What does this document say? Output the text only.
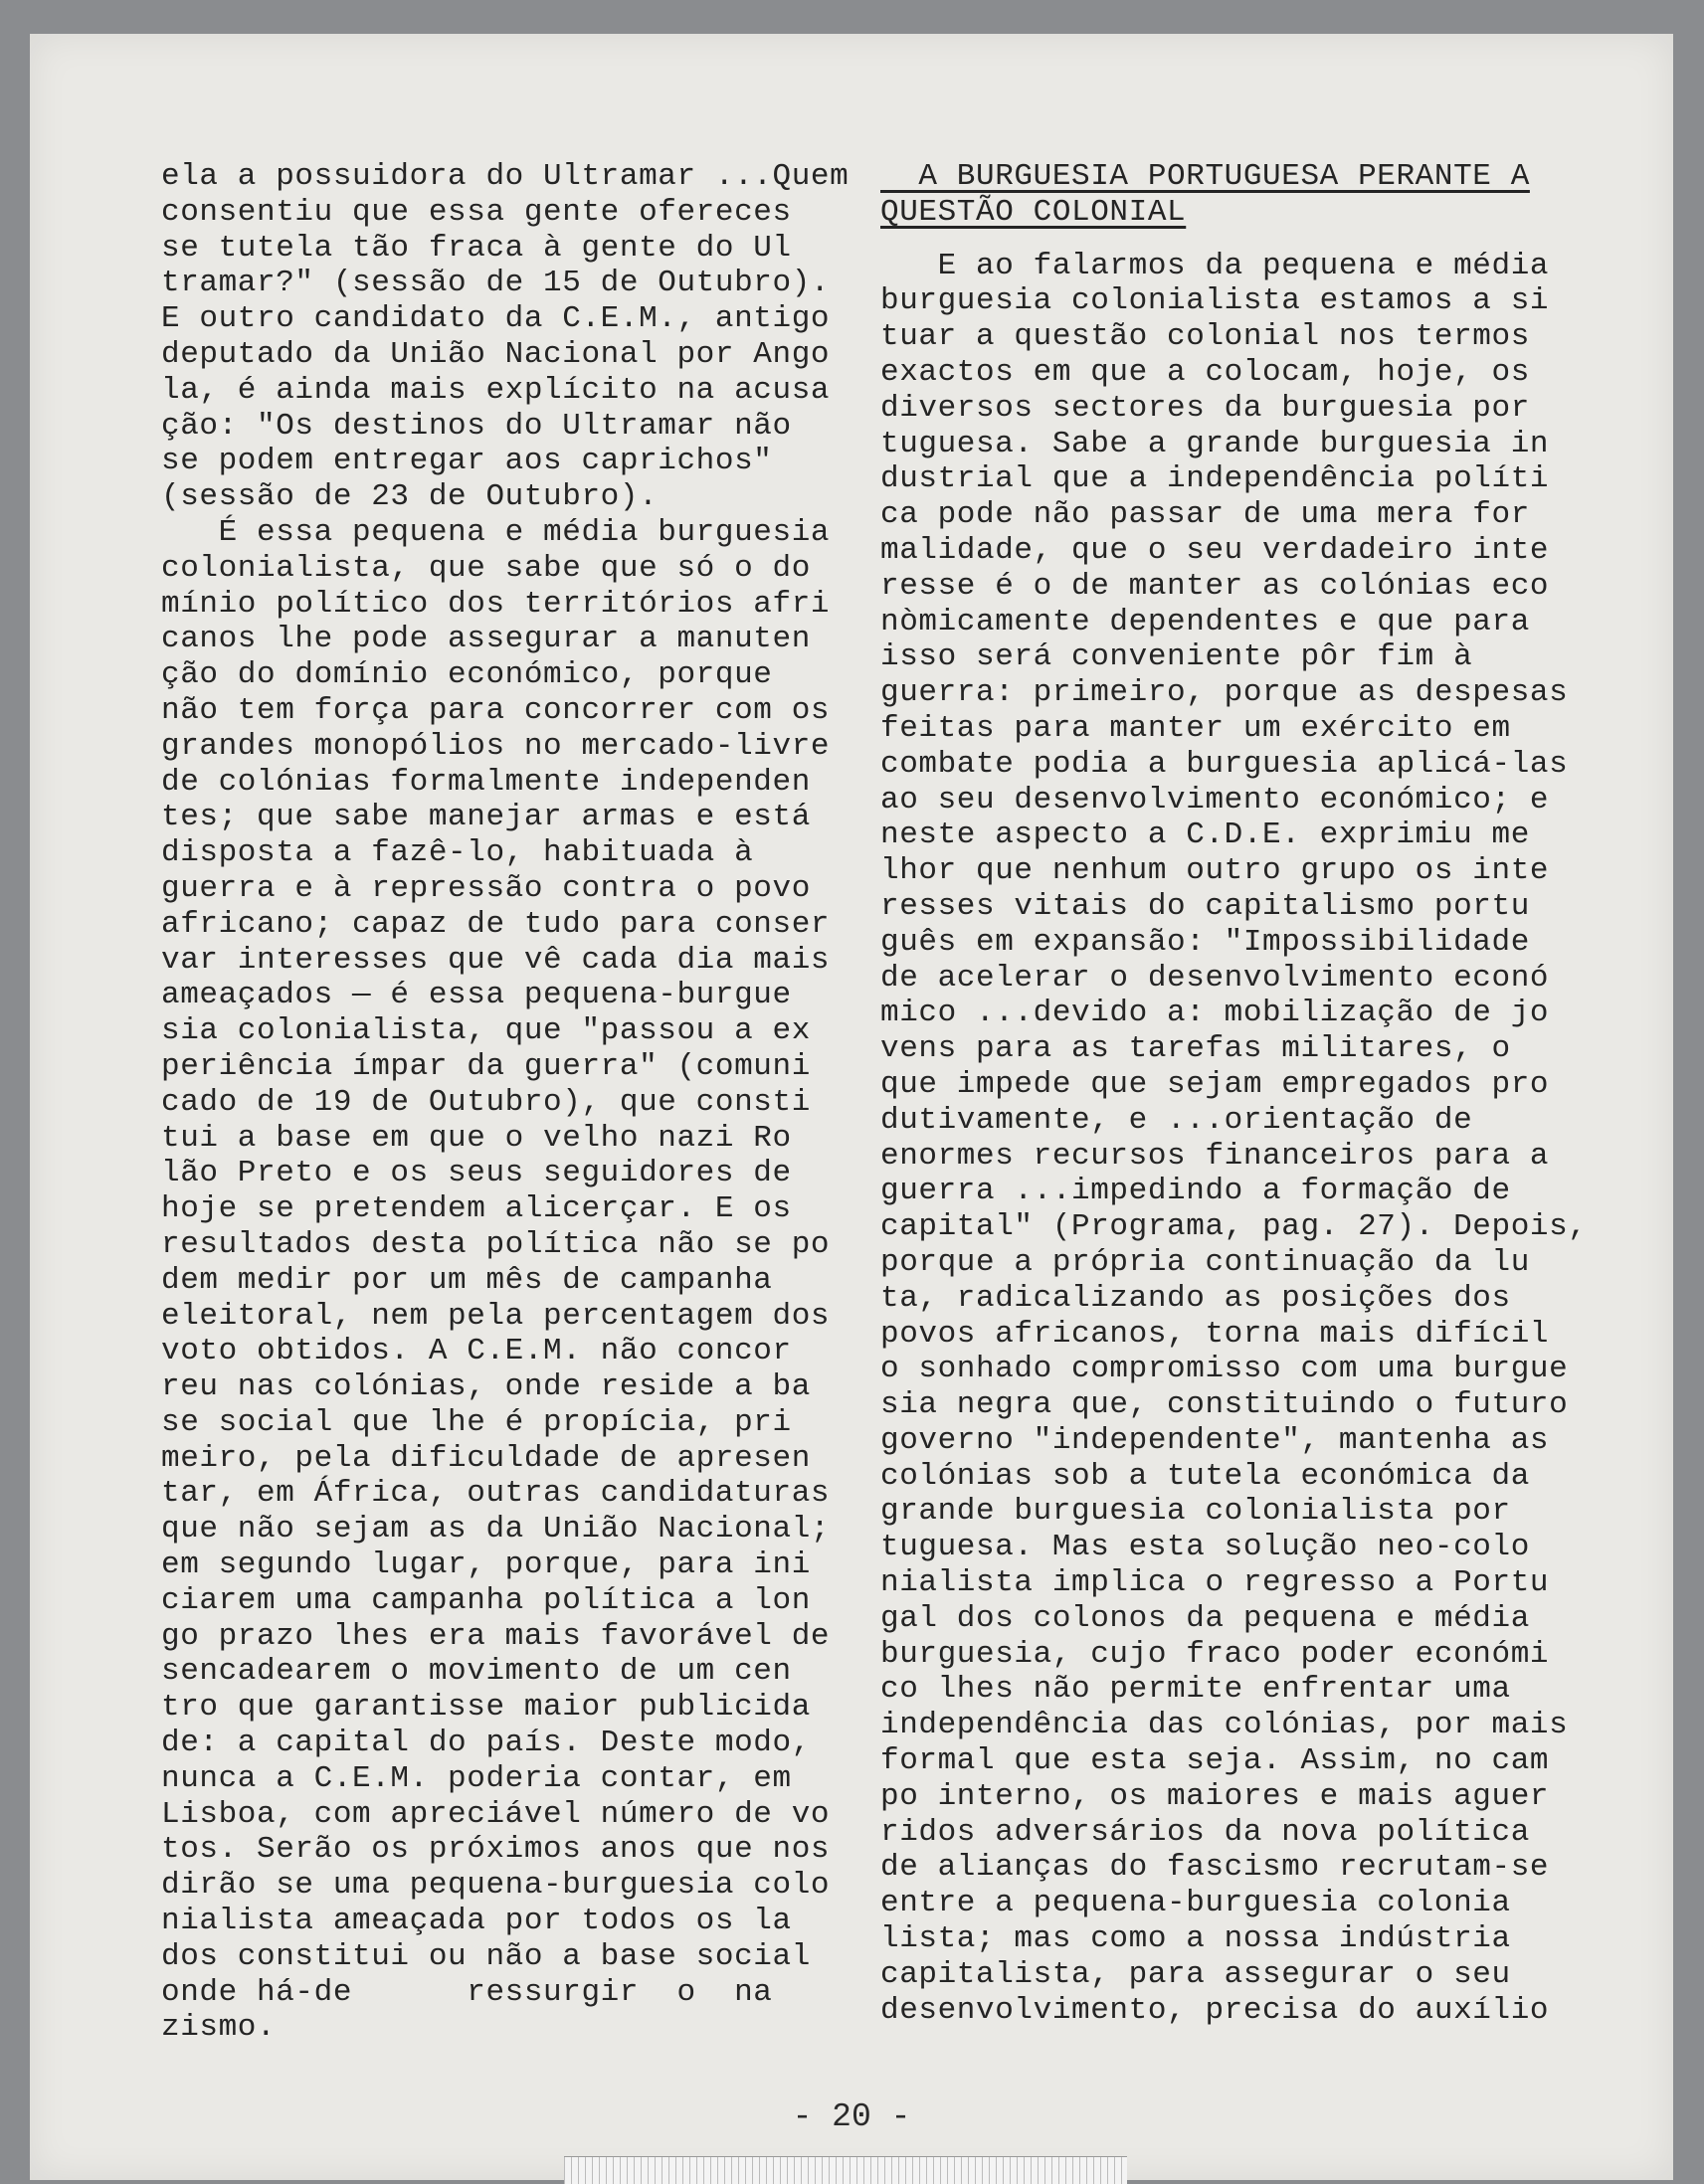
ela a possuidora do Ultramar ...Quem
consentiu que essa gente ofereces
se tutela tão fraca à gente do Ul
tramar?" (sessão de 15 de Outubro).
E outro candidato da C.E.M., antigo
deputado da União Nacional por Ango
la, é ainda mais explícito na acusa
ção: "Os destinos do Ultramar não
se podem entregar aos caprichos"
(sessão de 23 de Outubro).
É essa pequena e média burguesia
colonialista, que sabe que só o do
mínio político dos territórios afri
canos lhe pode assegurar a manuten
ção do domínio económico, porque
não tem força para concorrer com os
grandes monopólios no mercado-livre
de colónias formalmente independen
tes; que sabe manejar armas e está
disposta a fazê-lo, habituada à
guerra e à repressão contra o povo
africano; capaz de tudo para conser
var interesses que vê cada dia mais
ameaçados — é essa pequena-burgue
sia colonialista, que "passou a ex
periência ímpar da guerra" (comuni
cado de 19 de Outubro), que consti
tui a base em que o velho nazi Ro
lão Preto e os seus seguidores de
hoje se pretendem alicerçar. E os
resultados desta política não se po
dem medir por um mês de campanha
eleitoral, nem pela percentagem dos
voto obtidos. A C.E.M. não concor
reu nas colónias, onde reside a ba
se social que lhe é propícia, pri
meiro, pela dificuldade de apresen
tar, em África, outras candidaturas
que não sejam as da União Nacional;
em segundo lugar, porque, para ini
ciarem uma campanha política a lon
go prazo lhes era mais favorável de
sencadearem o movimento de um cen
tro que garantisse maior publicida
de: a capital do país. Deste modo,
nunca a C.E.M. poderia contar, em
Lisboa, com apreciável número de vo
tos. Serão os próximos anos que nos
dirão se uma pequena-burguesia colo
nialista ameaçada por todos os la
dos constitui ou não a base social
onde há-de      ressurgir  o  na
zismo.
A BURGUESIA PORTUGUESA PERANTE A
QUESTÃO COLONIAL
E ao falarmos da pequena e média
burguesia colonialista estamos a si
tuar a questão colonial nos termos
exactos em que a colocam, hoje, os
diversos sectores da burguesia por
tuguesa. Sabe a grande burguesia in
dustrial que a independência políti
ca pode não passar de uma mera for
malidade, que o seu verdadeiro inte
resse é o de manter as colónias eco
nòmicamente dependentes e que para
isso será conveniente pôr fim à
guerra: primeiro, porque as despesas
feitas para manter um exército em
combate podia a burguesia aplicá-las
ao seu desenvolvimento económico; e
neste aspecto a C.D.E. exprimiu me
lhor que nenhum outro grupo os inte
resses vitais do capitalismo portu
guês em expansão: "Impossibilidade
de acelerar o desenvolvimento econó
mico ...devido a: mobilização de jo
vens para as tarefas militares, o
que impede que sejam empregados pro
dutivamente, e ...orientação de
enormes recursos financeiros para a
guerra ...impedindo a formação de
capital" (Programa, pag. 27). Depois,
porque a própria continuação da lu
ta, radicalizando as posições dos
povos africanos, torna mais difícil
o sonhado compromisso com uma burgue
sia negra que, constituindo o futuro
governo "independente", mantenha as
colónias sob a tutela económica da
grande burguesia colonialista por
tuguesa. Mas esta solução neo-colo
nialista implica o regresso a Portu
gal dos colonos da pequena e média
burguesia, cujo fraco poder económi
co lhes não permite enfrentar uma
independência das colónias, por mais
formal que esta seja. Assim, no cam
po interno, os maiores e mais aguer
ridos adversários da nova política
de alianças do fascismo recrutam-se
entre a pequena-burguesia colonia
lista; mas como a nossa indústria
capitalista, para assegurar o seu
desenvolvimento, precisa do auxílio
- 20 -
